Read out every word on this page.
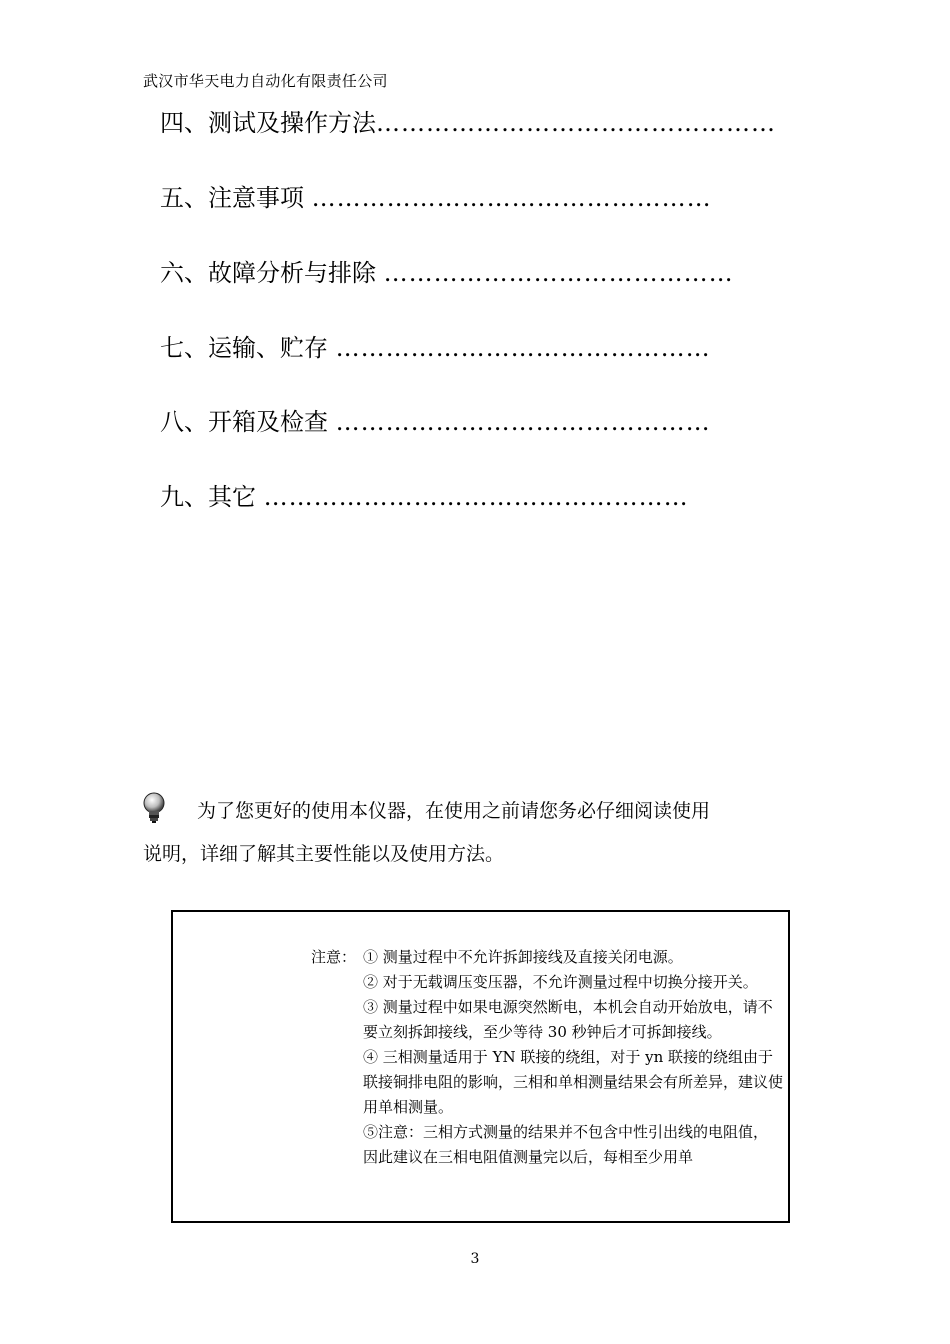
武汉市华天电力自动化有限责任公司
四、测试及操作方法…………………………………………
五、注意事项 …………………………………………
六、故障分析与排除 ……………………………………
七、运输、贮存 ………………………………………
八、开箱及检查 ………………………………………
九、其它 ……………………………………………
为了您更好的使用本仪器，在使用之前请您务必仔细阅读使用
说明，详细了解其主要性能以及使用方法。
注意： ① 测量过程中不允许拆卸接线及直接关闭电源。
② 对于无载调压变压器，不允许测量过程中切换分接开关。
③ 测量过程中如果电源突然断电，本机会自动开始放电，请不要立刻拆卸接线，至少等待 30 秒钟后才可拆卸接线。
④ 三相测量适用于 YN 联接的绕组，对于 yn 联接的绕组由于联接铜排电阻的影响，三相和单相测量结果会有所差异，建议使用单相测量。
⑤注意：三相方式测量的结果并不包含中性引出线的电阻值，因此建议在三相电阻值测量完以后，每相至少用单
3
